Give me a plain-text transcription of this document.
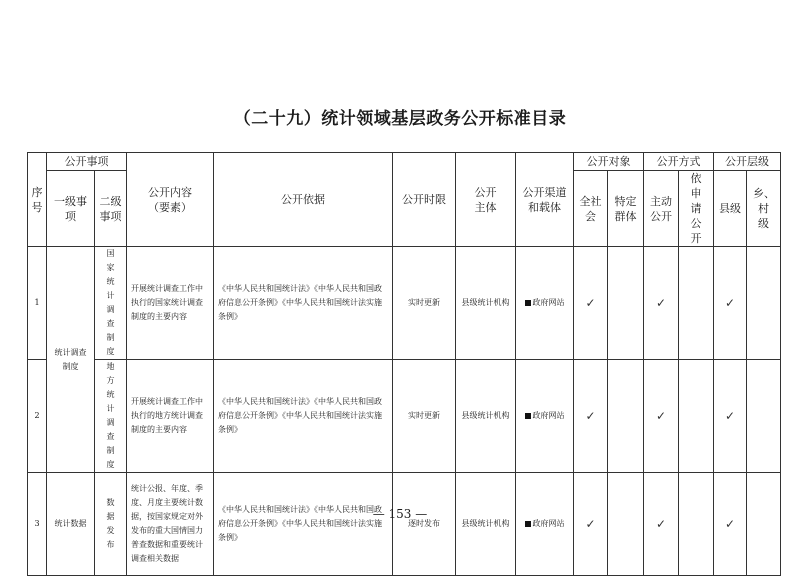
（二十九）统计领域基层政务公开标准目录
序号	公开事项		公开内容（要素）	公开依据	公开时限	公开主体	公开渠道和载体	公开对象		公开方式		公开层级	
	一级事项	二级事项						全社会	特定群体	主动公开	依申请公开	县级	乡、村级
1	统计调查制度	国家统计调查制度	开展统计调查工作中执行的国家统计调查制度的主要内容	《中华人民共和国统计法》《中华人民共和国政府信息公开条例》《中华人民共和国统计法实施条例》	实时更新	县级统计机构	政府网站	✓		✓		✓	
2		地方统计调查制度	开展统计调查工作中执行的地方统计调查制度的主要内容	《中华人民共和国统计法》《中华人民共和国政府信息公开条例》《中华人民共和国统计法实施条例》	实时更新	县级统计机构	政府网站	✓		✓		✓	
3	统计数据	数据发布	统计公报、年度、季度、月度主要统计数据，按国家规定对外发布的重大国情国力普查数据和重要统计调查相关数据	《中华人民共和国统计法》《中华人民共和国政府信息公开条例》《中华人民共和国统计法实施条例》	逐时发布	县级统计机构	政府网站	✓		✓		✓	
— 153 —
